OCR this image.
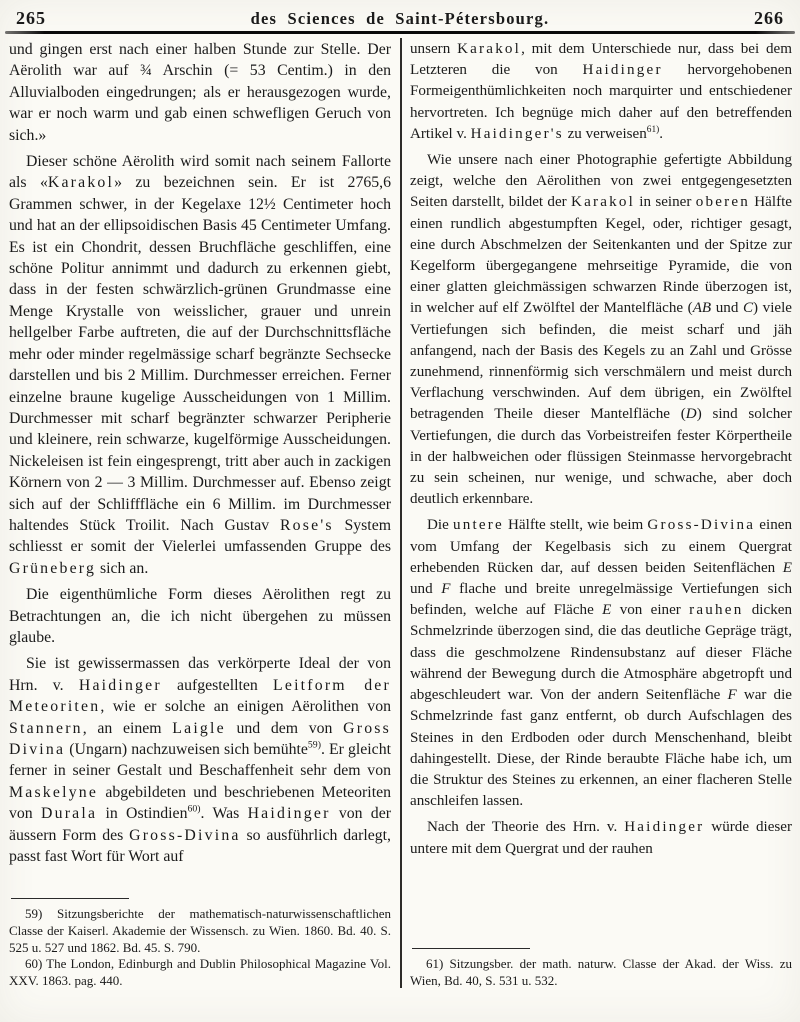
265	des Sciences de Saint-Pétersbourg.	266

und gingen erst nach einer halben Stunde zur Stelle. Der Aërolith war auf ¾ Arschin (= 53 Centim.) in den Alluvialboden eingedrungen; als er herausgezogen wurde, war er noch warm und gab einen schwefligen Geruch von sich.»

Dieser schöne Aërolith wird somit nach seinem Fallorte als «Karakol» zu bezeichnen sein. Er ist 2765,6 Grammen schwer, in der Kegelaxe 12½ Centimeter hoch und hat an der ellipsoidischen Basis 45 Centimeter Umfang. Es ist ein Chondrit, dessen Bruchfläche geschliffen, eine schöne Politur annimmt und dadurch zu erkennen giebt, dass in der festen schwärzlich-grünen Grundmasse eine Menge Krystalle von weisslicher, grauer und unrein hellgelber Farbe auftreten, die auf der Durchschnittsfläche mehr oder minder regelmässige scharf begränzte Sechsecke darstellen und bis 2 Millim. Durchmesser erreichen. Ferner einzelne braune kugelige Ausscheidungen von 1 Millim. Durchmesser mit scharf begränzter schwarzer Peripherie und kleinere, rein schwarze, kugelförmige Ausscheidungen. Nickeleisen ist fein eingesprengt, tritt aber auch in zackigen Körnern von 2 — 3 Millim. Durchmesser auf. Ebenso zeigt sich auf der Schlifffläche ein 6 Millim. im Durchmesser haltendes Stück Troilit. Nach Gustav Rose's System schliesst er somit der Vielerlei umfassenden Gruppe des Grüneberg sich an.

Die eigenthümliche Form dieses Aërolithen regt zu Betrachtungen an, die ich nicht übergehen zu müssen glaube.

Sie ist gewissermassen das verkörperte Ideal der von Hrn. v. Haidinger aufgestellten Leitform der Meteoriten, wie er solche an einigen Aërolithen von Stannern, an einem Laigle und dem von Gross Divina (Ungarn) nachzuweisen sich bemühte$^{59)}$. Er gleicht ferner in seiner Gestalt und Beschaffenheit sehr dem von Maskelyne abgebildeten und beschriebenen Meteoriten von Durala in Ostindien$^{60)}$. Was Haidinger von der äussern Form des Gross-Divina so ausführlich darlegt, passt fast Wort für Wort auf

59) Sitzungsberichte der mathematisch-naturwissenschaftlichen Classe der Kaiserl. Akademie der Wissensch. zu Wien. 1860. Bd. 40. S. 525 u. 527 und 1862. Bd. 45. S. 790.

60) The London, Edinburgh and Dublin Philosophical Magazine Vol. XXV. 1863. pag. 440.

unsern Karakol, mit dem Unterschiede nur, dass bei dem Letzteren die von Haidinger hervorgehobenen Formeigenthümlichkeiten noch marquirter und entschiedener hervortreten. Ich begnüge mich daher auf den betreffenden Artikel v. Haidinger's zu verweisen$^{61)}$.

Wie unsere nach einer Photographie gefertigte Abbildung zeigt, welche den Aërolithen von zwei entgegengesetzten Seiten darstellt, bildet der Karakol in seiner oberen Hälfte einen rundlich abgestumpften Kegel, oder, richtiger gesagt, eine durch Abschmelzen der Seitenkanten und der Spitze zur Kegelform übergegangene mehrseitige Pyramide, die von einer glatten gleichmässigen schwarzen Rinde überzogen ist, in welcher auf elf Zwölftel der Mantelfläche (AB und C) viele Vertiefungen sich befinden, die meist scharf und jäh anfangend, nach der Basis des Kegels zu an Zahl und Grösse zunehmend, rinnenförmig sich verschmälern und meist durch Verflachung verschwinden. Auf dem übrigen, ein Zwölftel betragenden Theile dieser Mantelfläche (D) sind solcher Vertiefungen, die durch das Vorbeistreifen fester Körpertheile in der halbweichen oder flüssigen Steinmasse hervorgebracht zu sein scheinen, nur wenige, und schwache, aber doch deutlich erkennbare.

Die untere Hälfte stellt, wie beim Gross-Divina einen vom Umfang der Kegelbasis sich zu einem Quergrat erhebenden Rücken dar, auf dessen beiden Seitenflächen E und F flache und breite unregelmässige Vertiefungen sich befinden, welche auf Fläche E von einer rauhen dicken Schmelzrinde überzogen sind, die das deutliche Gepräge trägt, dass die geschmolzene Rindensubstanz auf dieser Fläche während der Bewegung durch die Atmosphäre abgetropft und abgeschleudert war. Von der andern Seitenfläche F war die Schmelzrinde fast ganz entfernt, ob durch Aufschlagen des Steines in den Erdboden oder durch Menschenhand, bleibt dahingestellt. Diese, der Rinde beraubte Fläche habe ich, um die Struktur des Steines zu erkennen, an einer flacheren Stelle anschleifen lassen.

Nach der Theorie des Hrn. v. Haidinger würde dieser untere mit dem Quergrat und der rauhen

61) Sitzungsber. der math. naturw. Classe der Akad. der Wiss. zu Wien, Bd. 40, S. 531 u. 532.
